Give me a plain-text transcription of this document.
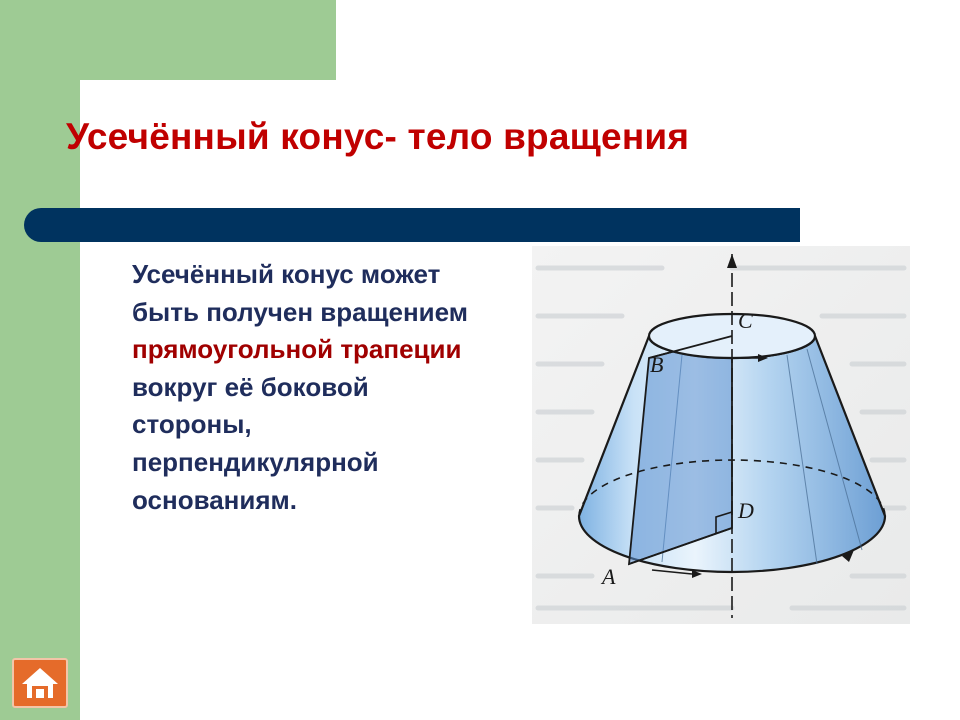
Усечённый конус- тело вращения

Усечённый конус может быть получен вращением прямоугольной трапеции вокруг её боковой стороны, перпендикулярной основаниям.

C
B
D
A
